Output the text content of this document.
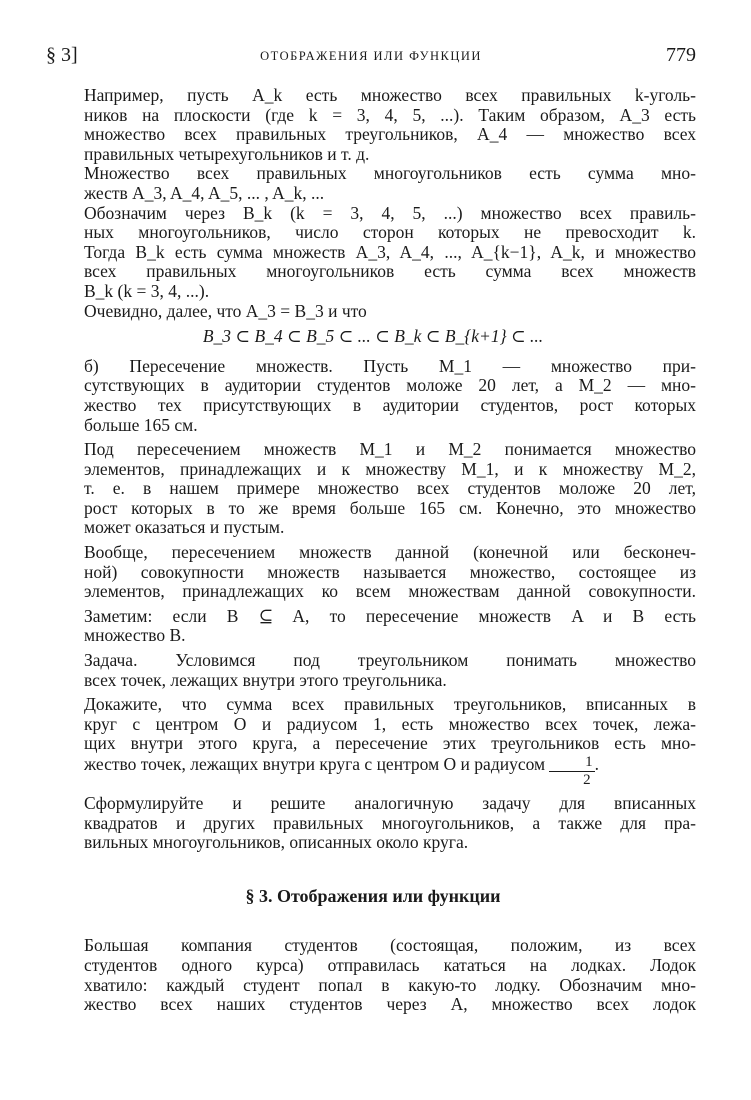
§ 3]	ОТОБРАЖЕНИЯ ИЛИ ФУНКЦИИ	779

Например, пусть A_k есть множество всех правильных k-уголь-
ников на плоскости (где k = 3, 4, 5, ...). Таким образом, A_3 есть
множество всех правильных треугольников, A_4 — множество всех
правильных четырехугольников и т. д.

Множество всех правильных многоугольников есть сумма мно-
жеств A_3, A_4, A_5, ... , A_k, ...

Обозначим через B_k (k = 3, 4, 5, ...) множество всех правиль-
ных многоугольников, число сторон которых не превосходит k.
Тогда B_k есть сумма множеств A_3, A_4, ..., A_{k−1}, A_k, и множество
всех правильных многоугольников есть сумма всех множеств
B_k (k = 3, 4, ...).

Очевидно, далее, что A_3 = B_3 и что

B_3 ⊂ B_4 ⊂ B_5 ⊂ ... ⊂ B_k ⊂ B_{k+1} ⊂ ...

б) Пересечение множеств. Пусть M_1 — множество при-
сутствующих в аудитории студентов моложе 20 лет, а M_2 — мно-
жество тех присутствующих в аудитории студентов, рост которых
больше 165 см.

Под пересечением множеств M_1 и M_2 понимается множество
элементов, принадлежащих и к множеству M_1, и к множеству M_2,
т. е. в нашем примере множество всех студентов моложе 20 лет,
рост которых в то же время больше 165 см. Конечно, это множество
может оказаться и пустым.

Вообще, пересечением множеств данной (конечной или бесконеч-
ной) совокупности множеств называется множество, состоящее из
элементов, принадлежащих ко всем множествам данной совокупности.

Заметим: если B ⊆ A, то пересечение множеств A и B есть
множество B.

Задача. Условимся под треугольником понимать множество
всех точек, лежащих внутри этого треугольника.

Докажите, что сумма всех правильных треугольников, вписанных в
круг с центром O и радиусом 1, есть множество всех точек, лежа-
щих внутри этого круга, а пересечение этих треугольников есть мно-
жество точек, лежащих внутри круга с центром O и радиусом $\frac{1}{2}$ .

Сформулируйте и решите аналогичную задачу для вписанных
квадратов и других правильных многоугольников, а также для пра-
вильных многоугольников, описанных около круга.

§ 3. Отображения или функции

Большая компания студентов (состоящая, положим, из всех
студентов одного курса) отправилась кататься на лодках. Лодок
хватило: каждый студент попал в какую-то лодку. Обозначим мно-
жество всех наших студентов через A, множество всех лодок
